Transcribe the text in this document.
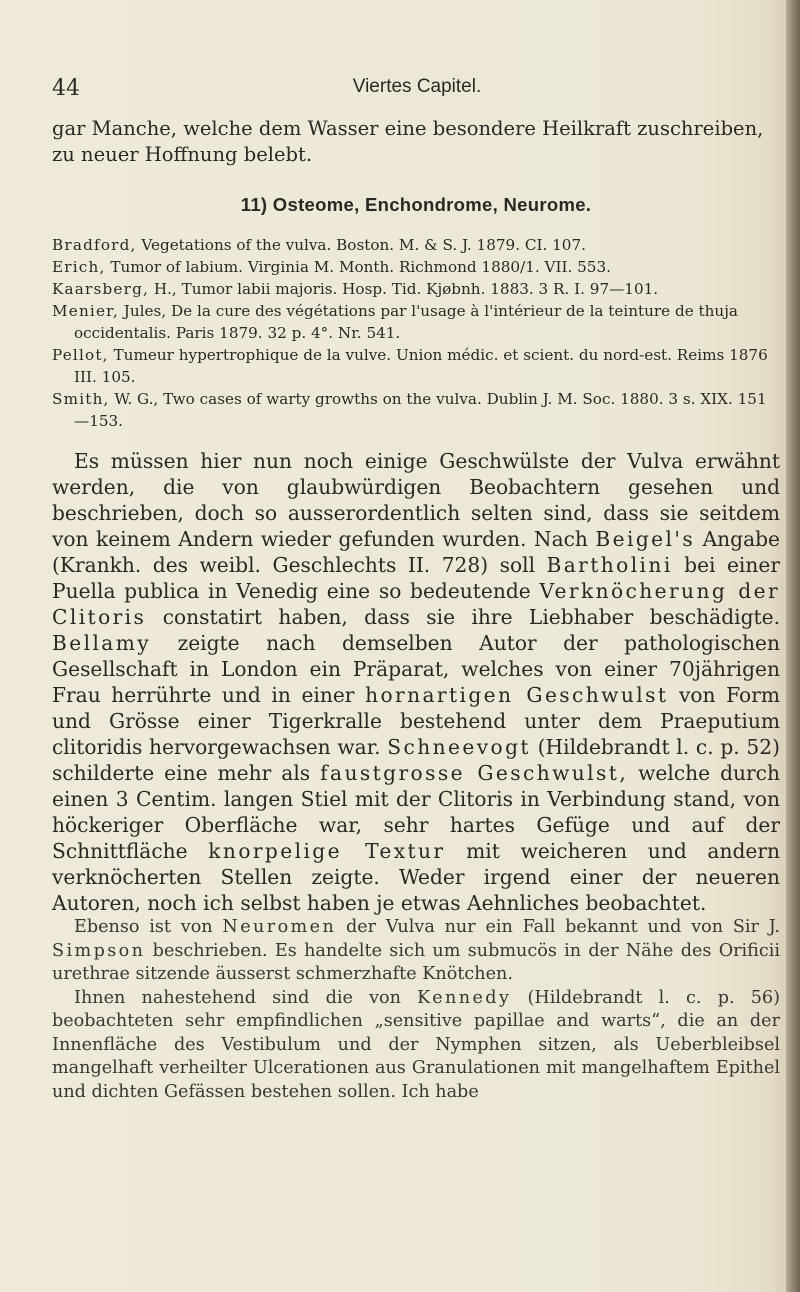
44	Viertes Capitel.

gar Manche, welche dem Wasser eine besondere Heilkraft zuschreiben, zu neuer Hoffnung belebt.

11) Osteome, Enchondrome, Neurome.
Bradford, Vegetations of the vulva. Boston. M. & S. J. 1879. CI. 107.
Erich, Tumor of labium. Virginia M. Month. Richmond 1880/1. VII. 553.
Kaarsberg, H., Tumor labii majoris. Hosp. Tid. Kjøbnh. 1883. 3 R. I. 97—101.
Menier, Jules, De la cure des végétations par l'usage à l'intérieur de la teinture de thuja occidentalis. Paris 1879. 32 p. 4°. Nr. 541.
Pellot, Tumeur hypertrophique de la vulve. Union médic. et scient. du nord-est. Reims 1876 III. 105.
Smith, W. G., Two cases of warty growths on the vulva. Dublin J. M. Soc. 1880. 3 s. XIX. 151—153.

Es müssen hier nun noch einige Geschwülste der Vulva erwähnt werden, die von glaubwürdigen Beobachtern gesehen und beschrieben, doch so ausserordentlich selten sind, dass sie seitdem von keinem Andern wieder gefunden wurden. Nach Beigel's Angabe (Krankh. des weibl. Geschlechts II. 728) soll Bartholini bei einer Puella publica in Venedig eine so bedeutende Verknöcherung der Clitoris constatirt haben, dass sie ihre Liebhaber beschädigte. Bellamy zeigte nach demselben Autor der pathologischen Gesellschaft in London ein Präparat, welches von einer 70jährigen Frau herrührte und in einer hornartigen Geschwulst von Form und Grösse einer Tigerkralle bestehend unter dem Praeputium clitoridis hervorgewachsen war. Schneevogt (Hildebrandt l. c. p. 52) schilderte eine mehr als faustgrosse Geschwulst, welche durch einen 3 Centim. langen Stiel mit der Clitoris in Verbindung stand, von höckeriger Oberfläche war, sehr hartes Gefüge und auf der Schnittfläche knorpelige Textur mit weicheren und andern verknöcherten Stellen zeigte. Weder irgend einer der neueren Autoren, noch ich selbst haben je etwas Aehnliches beobachtet.

Ebenso ist von Neuromen der Vulva nur ein Fall bekannt und von Sir J. Simpson beschrieben. Es handelte sich um submucös in der Nähe des Orificii urethrae sitzende äusserst schmerzhafte Knötchen.

Ihnen nahestehend sind die von Kennedy (Hildebrandt l. c. p. 56) beobachteten sehr empfindlichen „sensitive papillae and warts“, die an der Innenfläche des Vestibulum und der Nymphen sitzen, als Ueberbleibsel mangelhaft verheilter Ulcerationen aus Granulationen mit mangelhaftem Epithel und dichten Gefässen bestehen sollen. Ich habe
